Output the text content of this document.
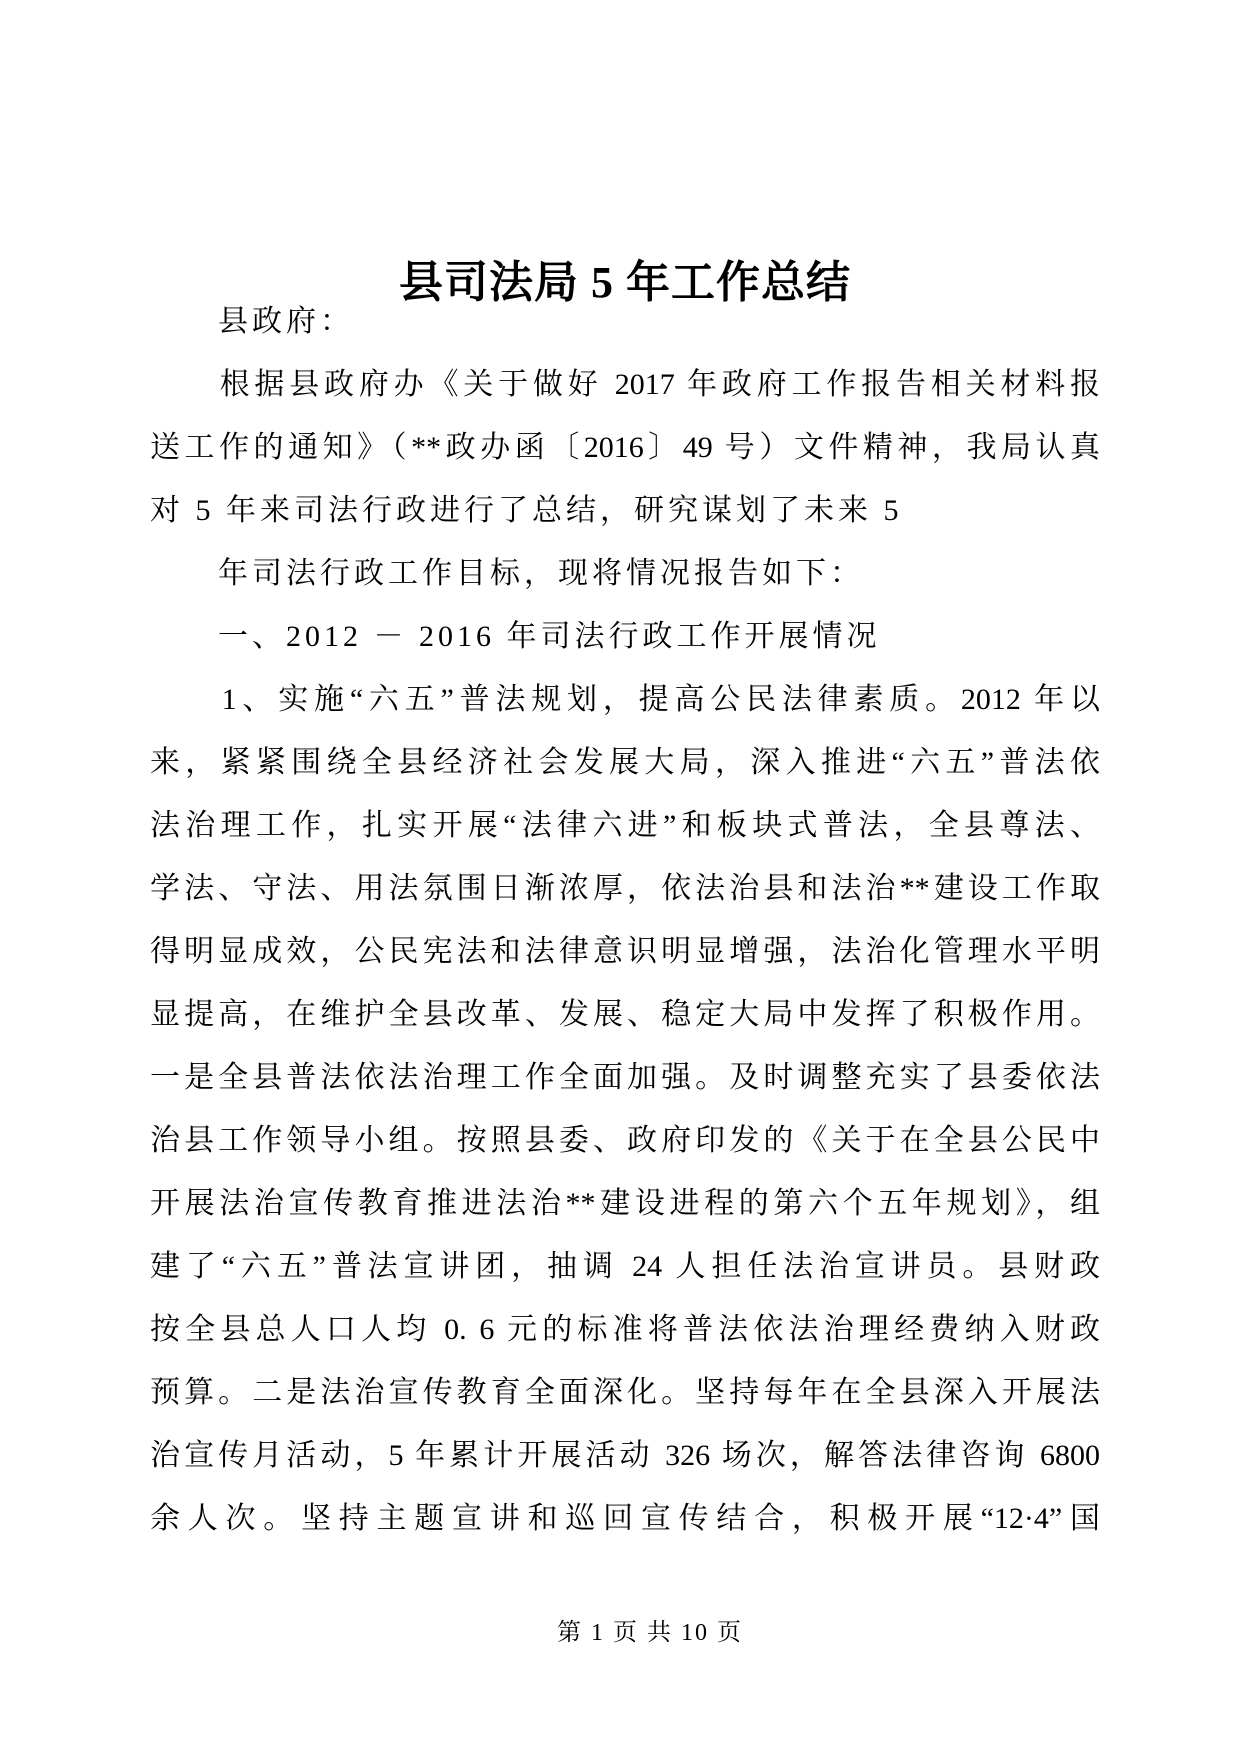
县司法局 5 年工作总结
　　县政府：
　　根据县政府办《关于做好 2017 年政府工作报告相关材料报
送工作的通知》（**政办函〔2016〕49 号）文件精神，我局认真
对 5 年来司法行政进行了总结，研究谋划了未来 5
　　年司法行政工作目标，现将情况报告如下：
　　一、2012 － 2016 年司法行政工作开展情况
　　1、实施“六五”普法规划，提高公民法律素质。2012 年以
来，紧紧围绕全县经济社会发展大局，深入推进“六五”普法依
法治理工作，扎实开展“法律六进”和板块式普法，全县尊法、
学法、守法、用法氛围日渐浓厚，依法治县和法治**建设工作取
得明显成效，公民宪法和法律意识明显增强，法治化管理水平明
显提高，在维护全县改革、发展、稳定大局中发挥了积极作用。
一是全县普法依法治理工作全面加强。及时调整充实了县委依法
治县工作领导小组。按照县委、政府印发的《关于在全县公民中
开展法治宣传教育推进法治**建设进程的第六个五年规划》，组
建了“六五”普法宣讲团，抽调 24 人担任法治宣讲员。县财政
按全县总人口人均 0. 6 元的标准将普法依法治理经费纳入财政
预算。二是法治宣传教育全面深化。坚持每年在全县深入开展法
治宣传月活动，5 年累计开展活动 326 场次，解答法律咨询 6800
余人次。坚持主题宣讲和巡回宣传结合，积极开展“12·4”国
第 1 页 共 10 页
